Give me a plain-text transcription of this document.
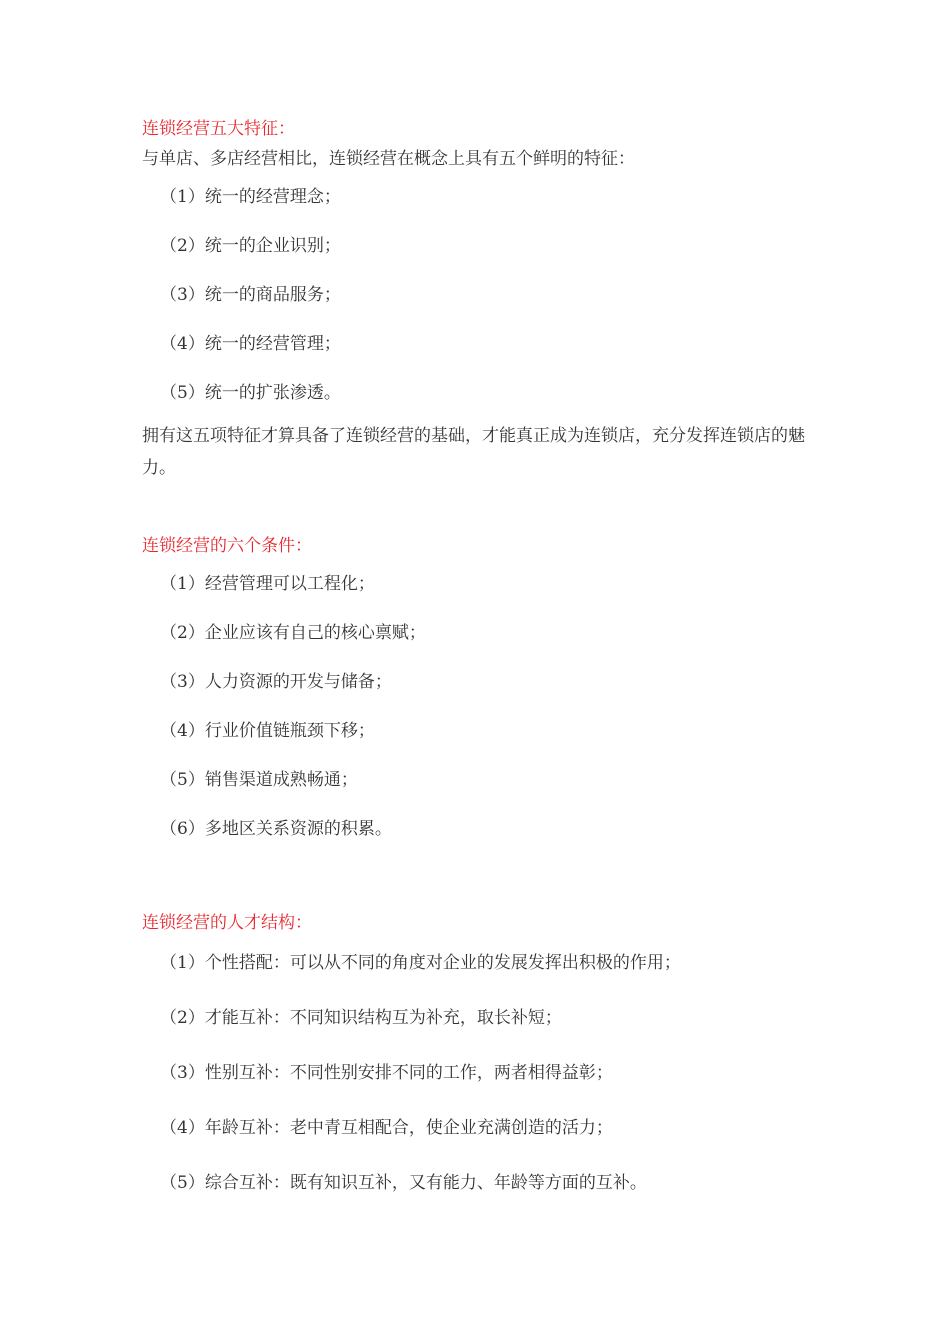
连锁经营五大特征：

与单店、多店经营相比，连锁经营在概念上具有五个鲜明的特征：

（1）统一的经营理念；
（2）统一的企业识别；
（3）统一的商品服务；
（4）统一的经营管理；
（5）统一的扩张渗透。

拥有这五项特征才算具备了连锁经营的基础，才能真正成为连锁店，充分发挥连锁店的魅力。

连锁经营的六个条件：
（1）经营管理可以工程化；
（2）企业应该有自己的核心禀赋；
（3）人力资源的开发与储备；
（4）行业价值链瓶颈下移；
（5）销售渠道成熟畅通；
（6）多地区关系资源的积累。
连锁经营的人才结构：
（1）个性搭配：可以从不同的角度对企业的发展发挥出积极的作用；
（2）才能互补：不同知识结构互为补充，取长补短；
（3）性别互补：不同性别安排不同的工作，两者相得益彰；
（4）年龄互补：老中青互相配合，使企业充满创造的活力；
（5）综合互补：既有知识互补，又有能力、年龄等方面的互补。
